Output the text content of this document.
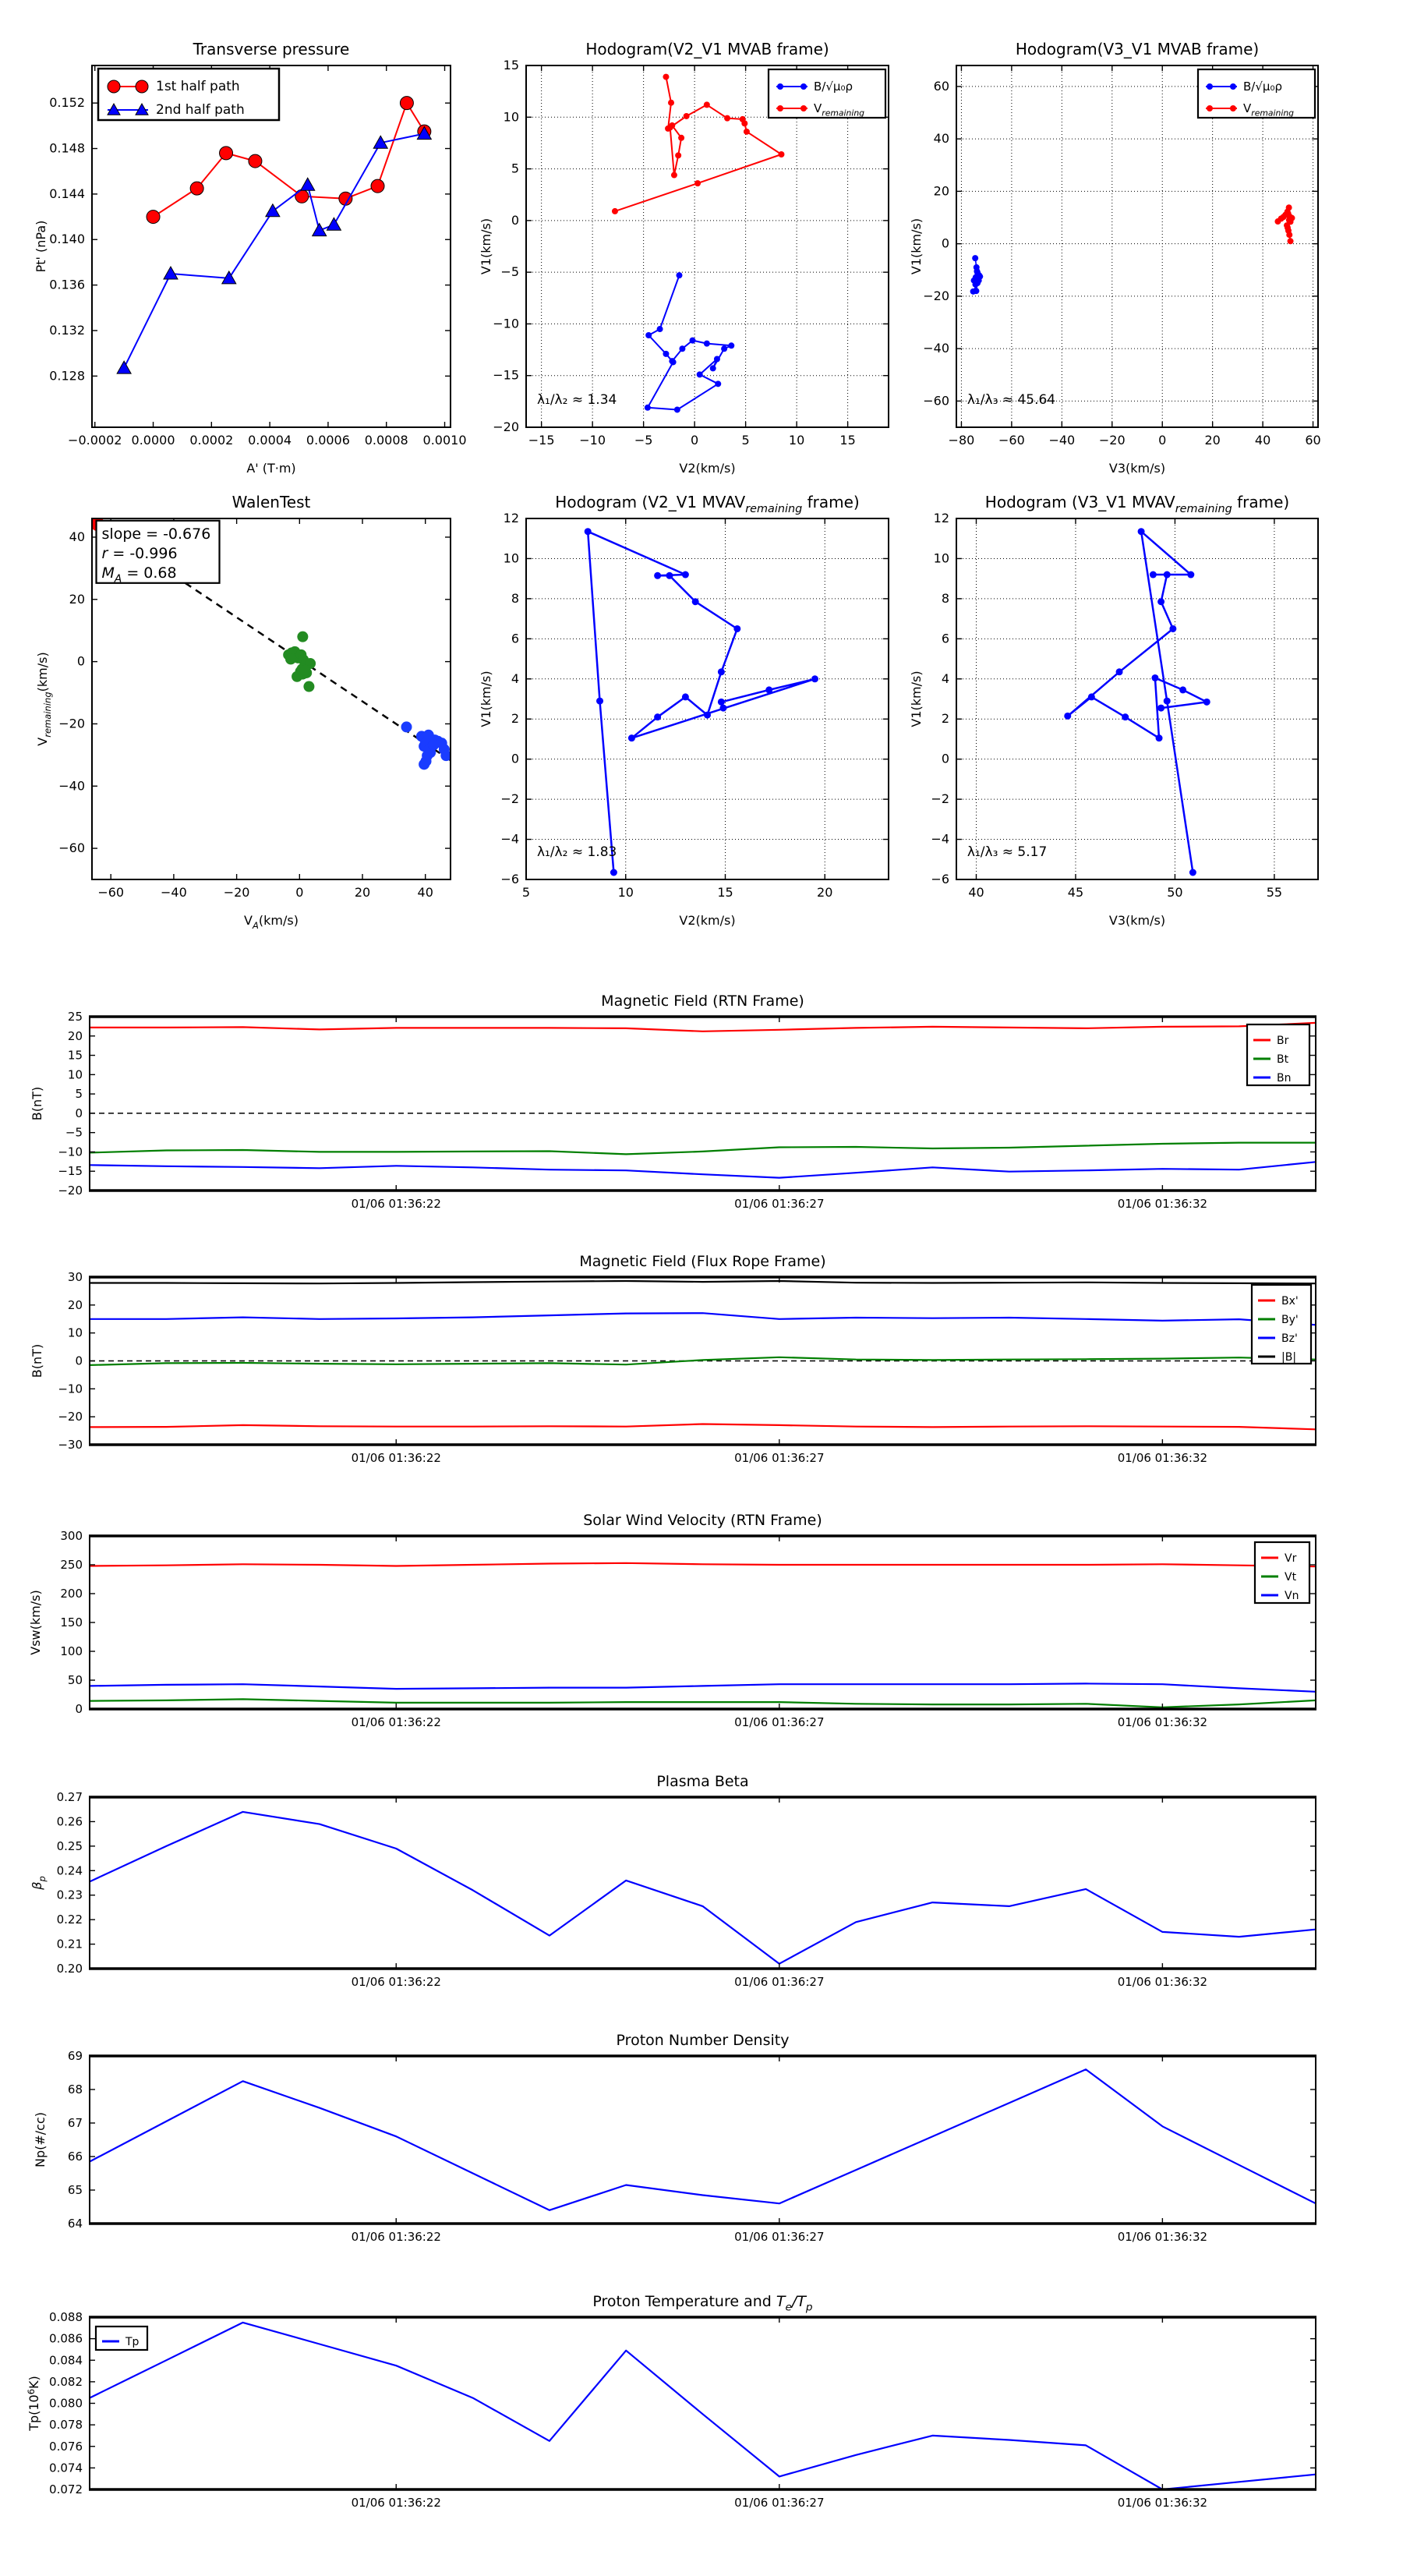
−0.0002 0.0000 0.0002 0.0004 0.0006 0.0008 0.0010
0.128
0.132
0.136
0.140
0.144
0.148
0.152
Transverse pressure
A' (T·m)
Pt' (nPa)
1st half path
2nd half path
−15 −10 −5	0	5	10	15
−20
−15
−10
−5
0
5
10
15
Hodogram(V2_V1 MVAB frame)
V2(km/s)
V1(km/s)
B/√μ₀ρ
$V_{remaining}$
λ₁/λ₂ ≈ 1.34
−80 −60 −40 −20	0	20	40	60
−60
−40
−20
0
20
40
60
Hodogram(V3_V1 MVAB frame)
V3(km/s)
V1(km/s)
B/√μ₀ρ
$V_{remaining}$
λ₁/λ₃ ≈ 45.64
−60	−40	−20	0	20	40
−60
−40
−20
0
20
40
WalenTest
$V_A(km/s)$
$V_{remaining}(km/s)$
slope = -0.676
r = -0.996
$M_A = 0.68$
5	10	15	20
−6
−4
−2
0
2
4
6
8
10
12
Hodogram (V2_V1 $MVAV_{remaining}$ frame)
V2(km/s)
V1(km/s)
λ₁/λ₂ ≈ 1.83
40	45	50	55
−6
−4
−2
0
2
4
6
8
10
12
Hodogram (V3_V1 $MVAV_{remaining}$ frame)
V3(km/s)
V1(km/s)
λ₁/λ₃ ≈ 5.17
01/06 01:36:22	01/06 01:36:27	01/06 01:36:32
−20
−15
−10
−5
0
5
10
15
20
25
Magnetic Field (RTN Frame)
B(nT)
Br
Bt
Bn
01/06 01:36:22	01/06 01:36:27	01/06 01:36:32
−30
−20
−10
0
10
20
30
Magnetic Field (Flux Rope Frame)
B(nT)
Bx'
By'
Bz'
|B|
01/06 01:36:22	01/06 01:36:27	01/06 01:36:32
0
50
100
150
200
250
300
Solar Wind Velocity (RTN Frame)
Vsw(km/s)
Vr
Vt
Vn
01/06 01:36:22	01/06 01:36:27	01/06 01:36:32
0.20
0.21
0.22
0.23
0.24
0.25
0.26
0.27
Plasma Beta
$\beta_p$
01/06 01:36:22	01/06 01:36:27	01/06 01:36:32
64
65
66
67
68
69
Proton Number Density
Np(#/cc)
01/06 01:36:22	01/06 01:36:27	01/06 01:36:32
0.072
0.074
0.076
0.078
0.080
0.082
0.084
0.086
0.088
Proton Temperature and $T_e/T_p$
$Tp(10^6K)$
Tp
